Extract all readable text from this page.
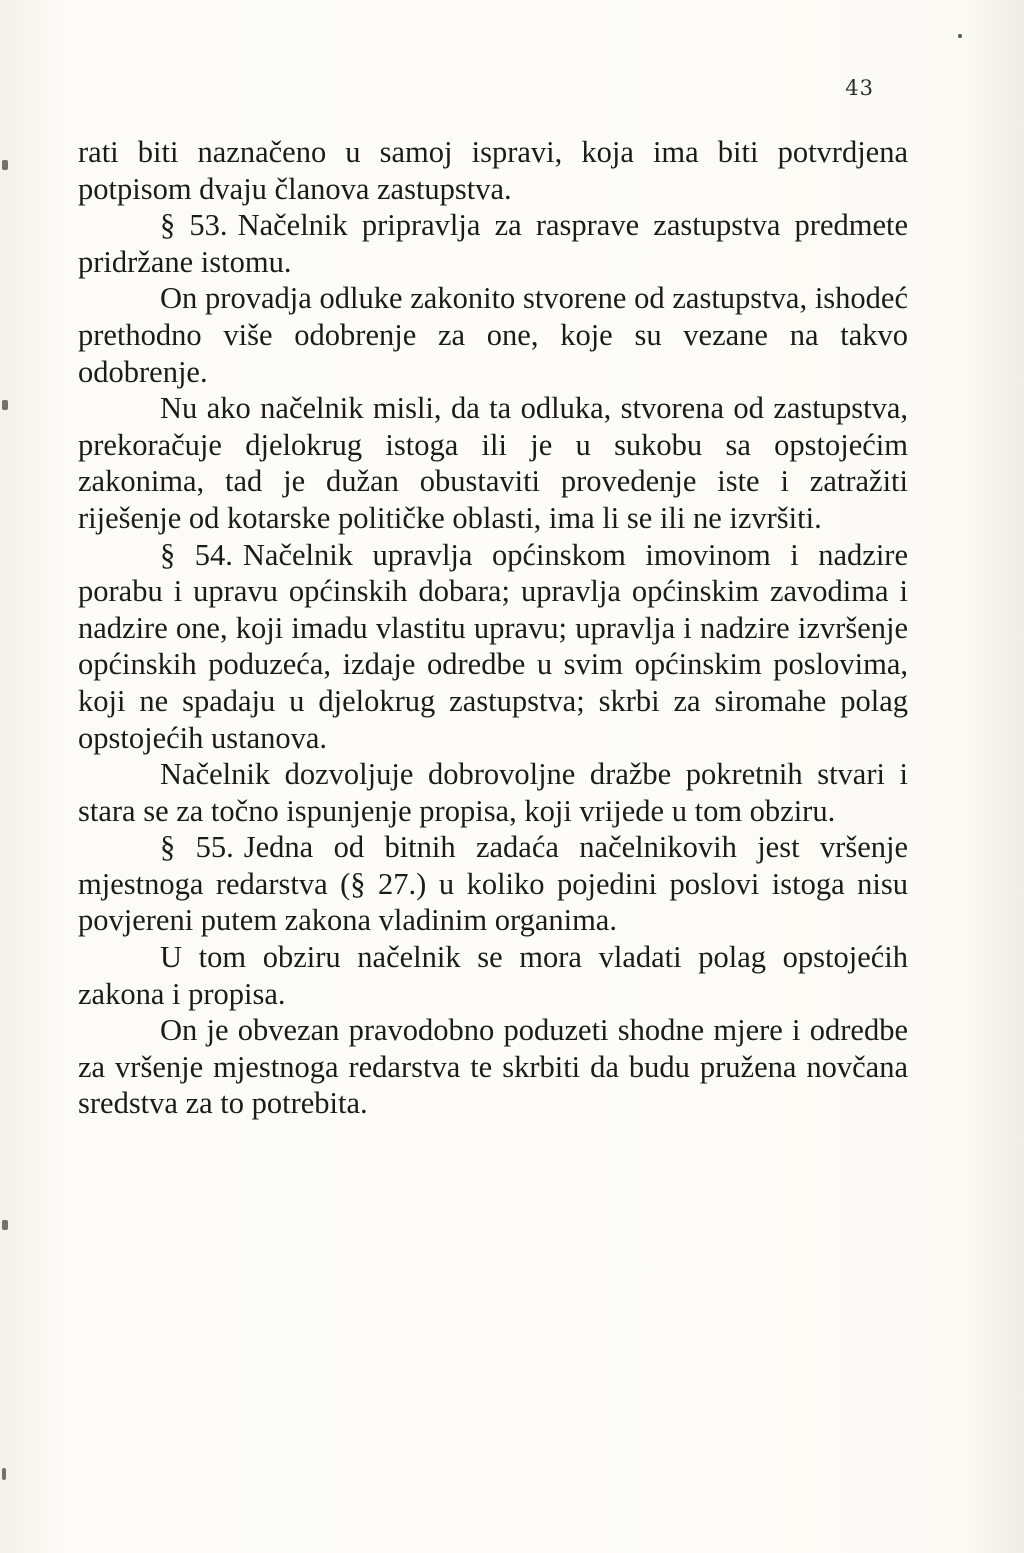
43

rati biti naznačeno u samoj ispravi, koja ima biti potvrdjena potpisom dvaju članova zastupstva.

§ 53. Načelnik pripravlja za rasprave zastupstva predmete pridržane istomu.

On provadja odluke zakonito stvorene od zastupstva, ishodeć prethodno više odobrenje za one, koje su vezane na takvo odobrenje.

Nu ako načelnik misli, da ta odluka, stvorena od zastupstva, prekoračuje djelokrug istoga ili je u sukobu sa opstojećim zakonima, tad je dužan obustaviti provedenje iste i zatražiti riješenje od kotarske političke oblasti, ima li se ili ne izvršiti.

§ 54. Načelnik upravlja općinskom imovinom i nadzire porabu i upravu općinskih dobara; upravlja općinskim zavodima i nadzire one, koji imadu vlastitu upravu; upravlja i nadzire izvršenje općinskih poduzeća, izdaje odredbe u svim općinskim poslovima, koji ne spadaju u djelokrug zastupstva; skrbi za siromahe polag opstojećih ustanova.

Načelnik dozvoljuje dobrovoljne dražbe pokretnih stvari i stara se za točno ispunjenje propisa, koji vrijede u tom obziru.

§ 55. Jedna od bitnih zadaća načelnikovih jest vršenje mjestnoga redarstva (§ 27.) u koliko pojedini poslovi istoga nisu povjereni putem zakona vladinim organima.

U tom obziru načelnik se mora vladati polag opstojećih zakona i propisa.

On je obvezan pravodobno poduzeti shodne mjere i odredbe za vršenje mjestnoga redarstva te skrbiti da budu pružena novčana sredstva za to potrebita.
